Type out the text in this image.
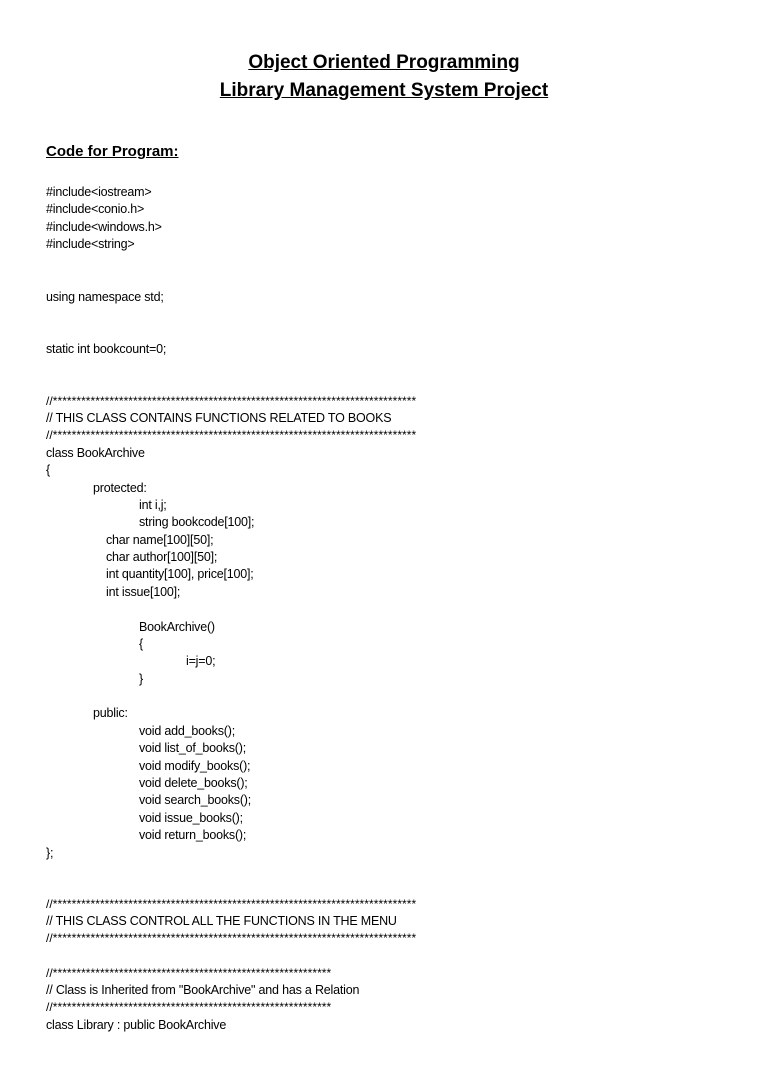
Object Oriented Programming
Library Management System Project
Code for Program:
#include<iostream>
#include<conio.h>
#include<windows.h>
#include<string>
using namespace std;
static int bookcount=0;
//*****************************************************************************
// THIS CLASS CONTAINS FUNCTIONS RELATED TO BOOKS
//*****************************************************************************
class BookArchive
{
protected:
int i,j;
string bookcode[100];
char name[100][50];
char author[100][50];
int quantity[100], price[100];
int issue[100];
BookArchive()
{
i=j=0;
}
public:
void add_books();
void list_of_books();
void modify_books();
void delete_books();
void search_books();
void issue_books();
void return_books();
};
//*****************************************************************************
// THIS CLASS CONTROL ALL THE FUNCTIONS IN THE MENU
//*****************************************************************************
//***********************************************************
// Class is Inherited from "BookArchive" and has a Relation
//***********************************************************
class Library : public BookArchive
